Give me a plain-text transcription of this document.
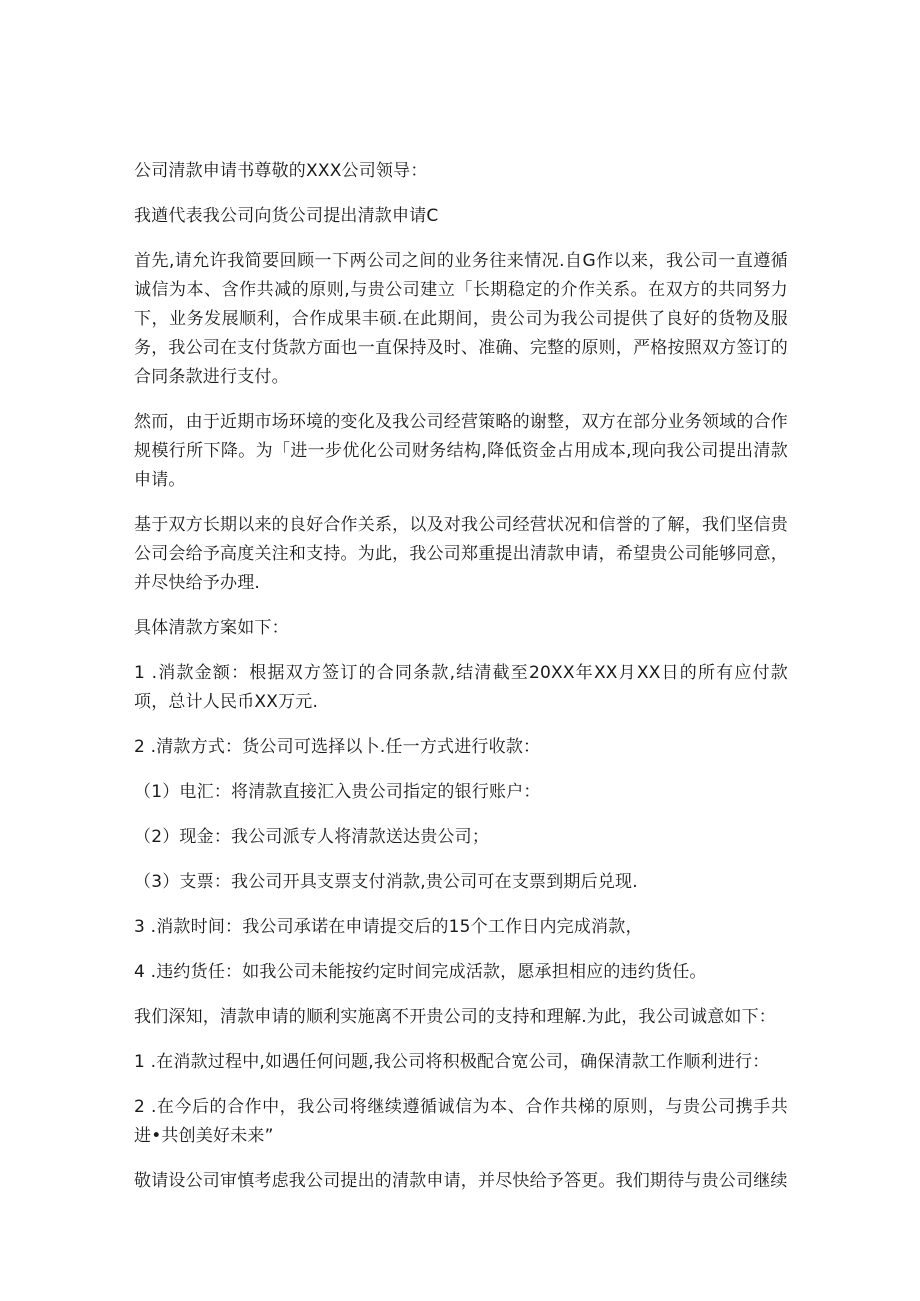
公司清款申请书尊敬的XXX公司领导：

我遒代表我公司向货公司提出清款申请C

首先,请允许我简要回顾一下两公司之间的业务往来情况.自G作以来，我公司一直遵循诚信为本、含作共减的原则,与贵公司建立「长期稳定的介作关系。在双方的共同努力下，业务发展顺利，合作成果丰硕.在此期间，贵公司为我公司提供了良好的货物及服务，我公司在支付货款方面也一直保持及时、准确、完整的原则，严格按照双方签订的合同条款进行支付。

然而，由于近期市场环境的变化及我公司经营策略的谢整，双方在部分业务领域的合作规模行所下降。为「进一步优化公司财务结构,降低资金占用成本,现向我公司提出清款申请。

基于双方长期以来的良好合作关系，以及对我公司经营状况和信誉的了解，我们坚信贵公司会给予高度关注和支持。为此，我公司郑重提出清款申请，希望贵公司能够同意，并尽快给予办理.

具体清款方案如下：

1 .消款金额：根据双方签订的合同条款,结清截至20XX年XX月XX日的所有应付款项，总计人民币XX万元.

2 .清款方式：货公司可选择以卜.任一方式进行收款：

（1）电汇：将清款直接汇入贵公司指定的银行账户：

（2）现金：我公司派专人将清款送达贵公司；

（3）支票：我公司开具支票支付消款,贵公司可在支票到期后兑现.

3 .消款时间：我公司承诺在申请提交后的15个工作日内完成消款，

4 .违约货任：如我公司未能按约定时间完成活款，愿承担相应的违约货任。

我们深知，清款申请的顺利实施离不开贵公司的支持和理解.为此，我公司诚意如下：

1 .在消款过程中,如遇任何问题,我公司将积极配合宽公司，确保清款工作顺利进行：

2 .在今后的合作中，我公司将继续遵循诚信为本、合作共梯的原则，与贵公司携手共进•共创美好未来”

敬请设公司审慎考虑我公司提出的清款申请，并尽快给予答更。我们期待与贵公司继续
